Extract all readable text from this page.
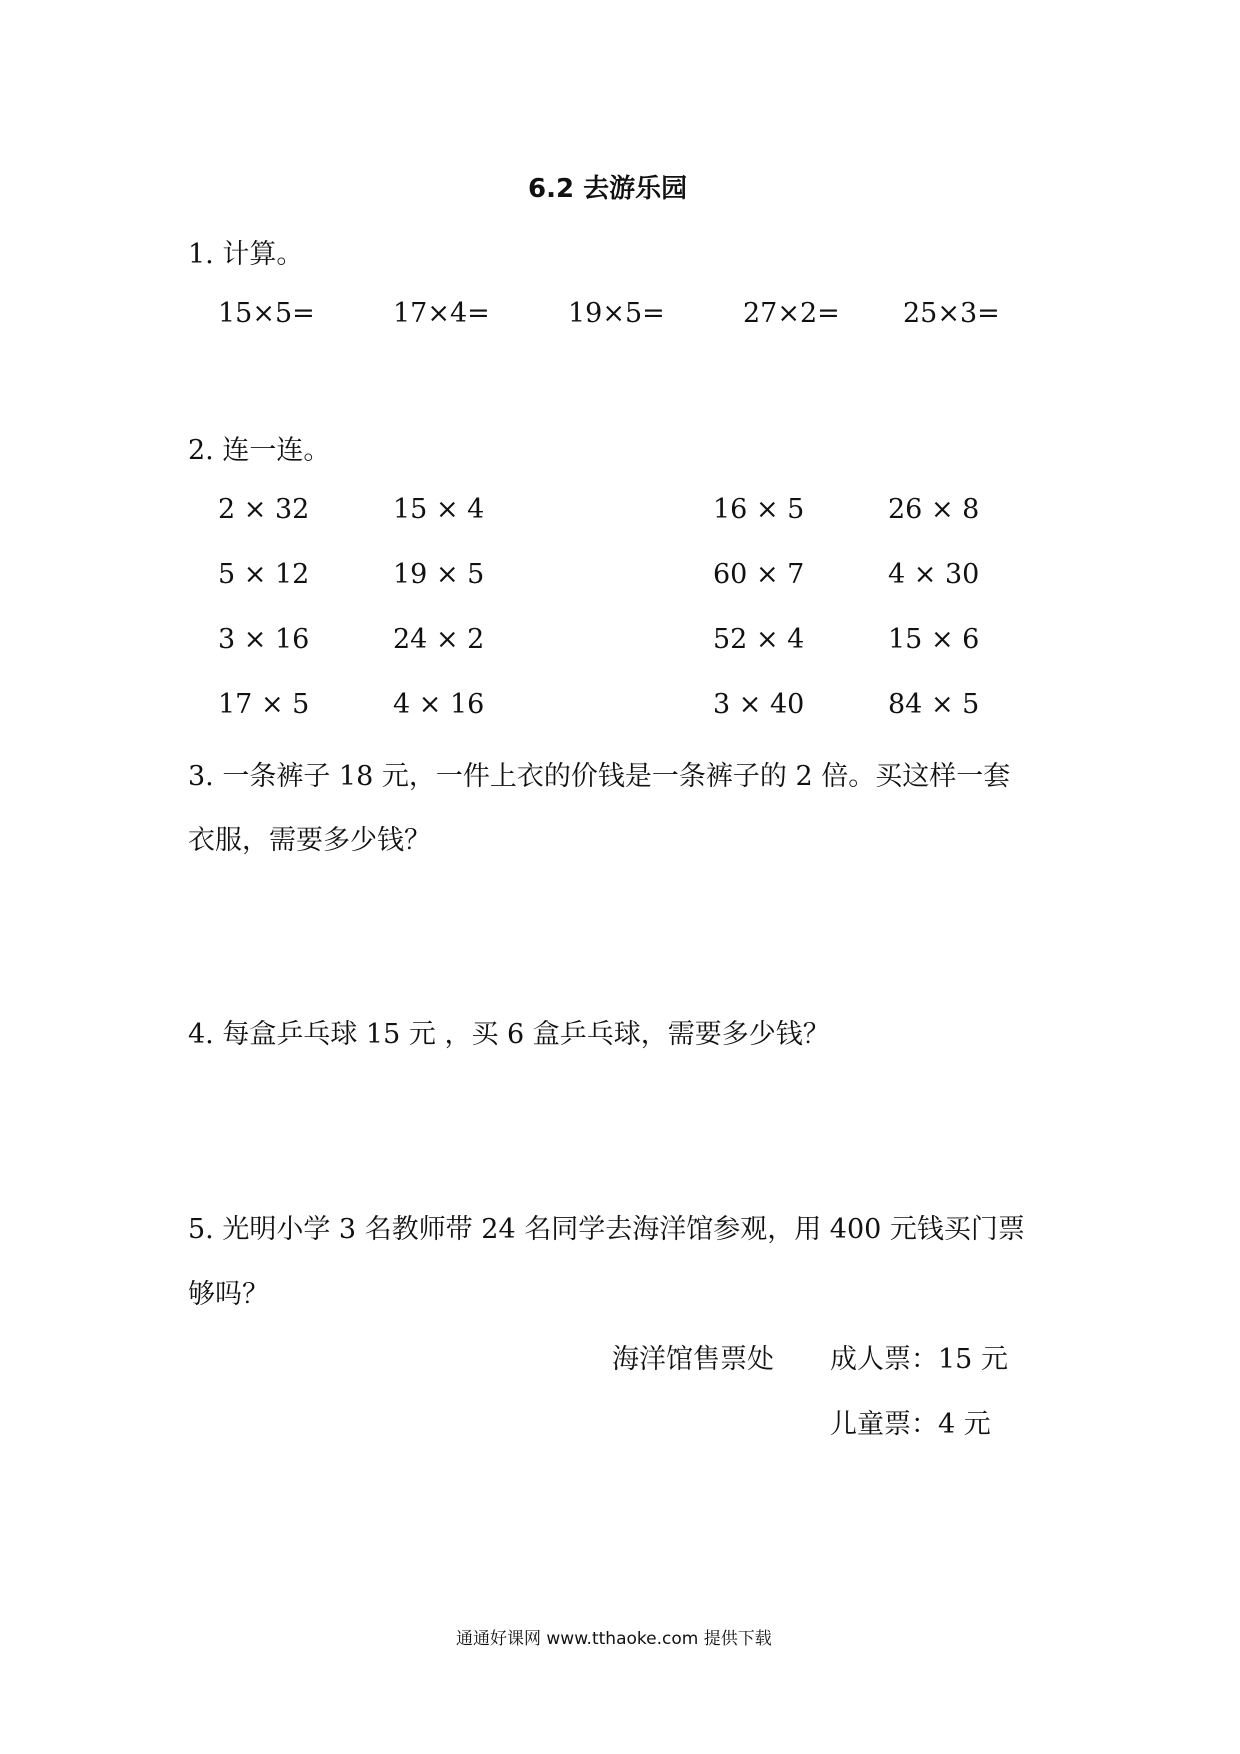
6.2 去游乐园
1. 计算。
15×5=	17×4=	19×5=	27×2= 25×3=
2. 连一连。
2 × 32	15 × 4	16 × 5	26 × 8
5 × 12	19 × 5	60 × 7	4 × 30
3 × 16	24 × 2	52 × 4	15 × 6
17 × 5	4 × 16	3 × 40	84 × 5
3. 一条裤子 18 元，一件上衣的价钱是一条裤子的 2 倍。买这样一套
衣服，需要多少钱？
4. 每盒乒乓球 15 元 ，买 6 盒乒乓球，需要多少钱？
5. 光明小学 3 名教师带 24 名同学去海洋馆参观，用 400 元钱买门票
够吗？
海洋馆售票处 成人票：15 元
儿童票：4 元
通通好课网 www.tthaoke.com 提供下载
